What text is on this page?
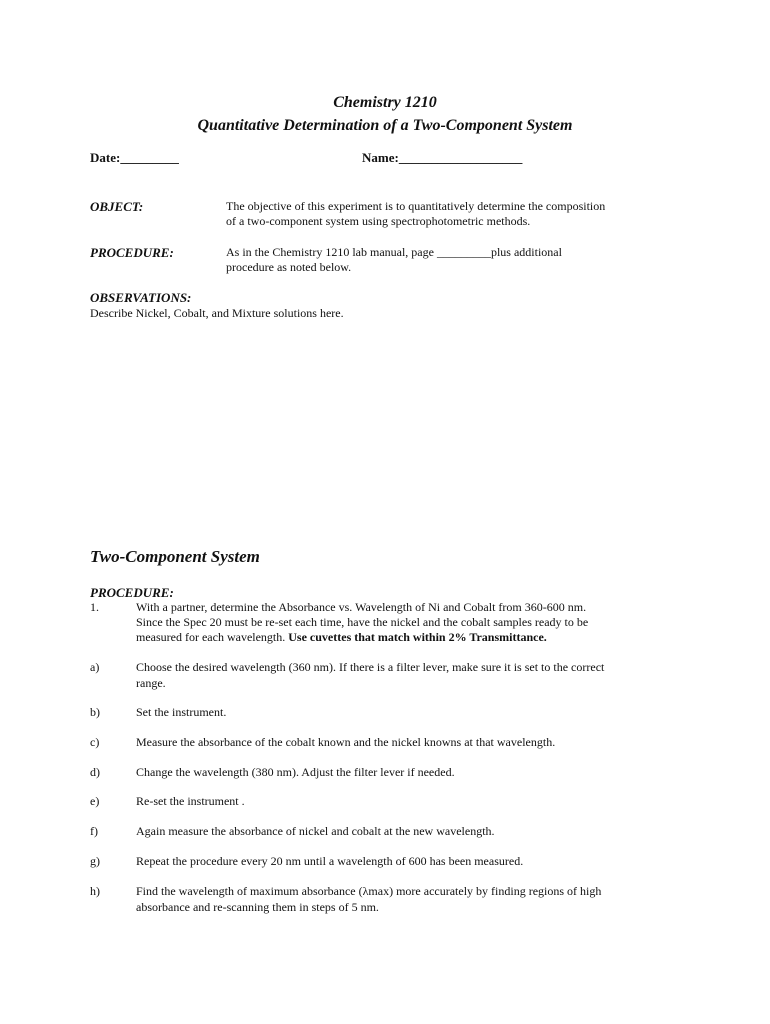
Chemistry 1210
Quantitative Determination of a Two-Component System
Date:_________	Name:___________________
OBJECT:	The objective of this experiment is to quantitatively determine the composition
of a two-component system using spectrophotometric methods.
PROCEDURE:	As in the Chemistry 1210 lab manual, page _________plus additional
procedure as noted below.
OBSERVATIONS:
Describe Nickel, Cobalt, and Mixture solutions here.
Two-Component System
PROCEDURE:
1.	With a partner, determine the Absorbance vs. Wavelength of Ni and Cobalt from 360-600 nm.
Since the Spec 20 must be re-set each time, have the nickel and the cobalt samples ready to be
measured for each wavelength. Use cuvettes that match within 2% Transmittance.
a)	Choose the desired wavelength (360 nm). If there is a filter lever, make sure it is set to the correct range.
b)	Set the instrument.
c)	Measure the absorbance of the cobalt known and the nickel knowns at that wavelength.
d)	Change the wavelength (380 nm). Adjust the filter lever if needed.
e)	Re-set the instrument .
f)	Again measure the absorbance of nickel and cobalt at the new wavelength.
g)	Repeat the procedure every 20 nm until a wavelength of 600 has been measured.
h)	Find the wavelength of maximum absorbance (λmax) more accurately by finding regions of high absorbance and re-scanning them in steps of 5 nm.
